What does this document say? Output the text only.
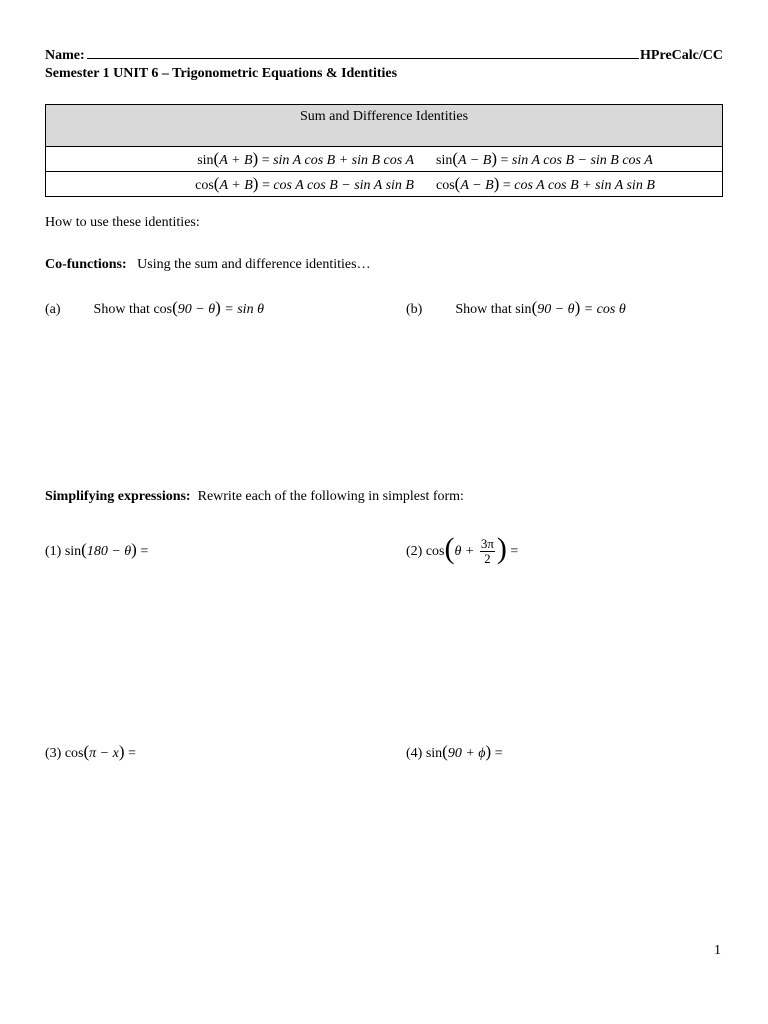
Name:	HPreCalc/CC
Semester 1 UNIT 6 – Trigonometric Equations & Identities
Sum and Difference Identities

sin(A + B) = sin A cos B + sin B cos A	sin(A − B) = sin A cos B − sin B cos A

cos(A + B) = cos A cos B − sin A sin B	cos(A − B) = cos A cos B + sin A sin B
How to use these identities:
Co-functions: Using the sum and difference identities…
(a) Show that cos(90 − θ) = sin θ	(b) Show that sin(90 − θ) = cos θ
Simplifying expressions: Rewrite each of the following in simplest form:
(1) sin(180 − θ) =	(2) $\cos(\theta + \frac{3\pi}{2}$ ) =
(3) cos(π − x) =	(4) sin(90 + ϕ) =
1
